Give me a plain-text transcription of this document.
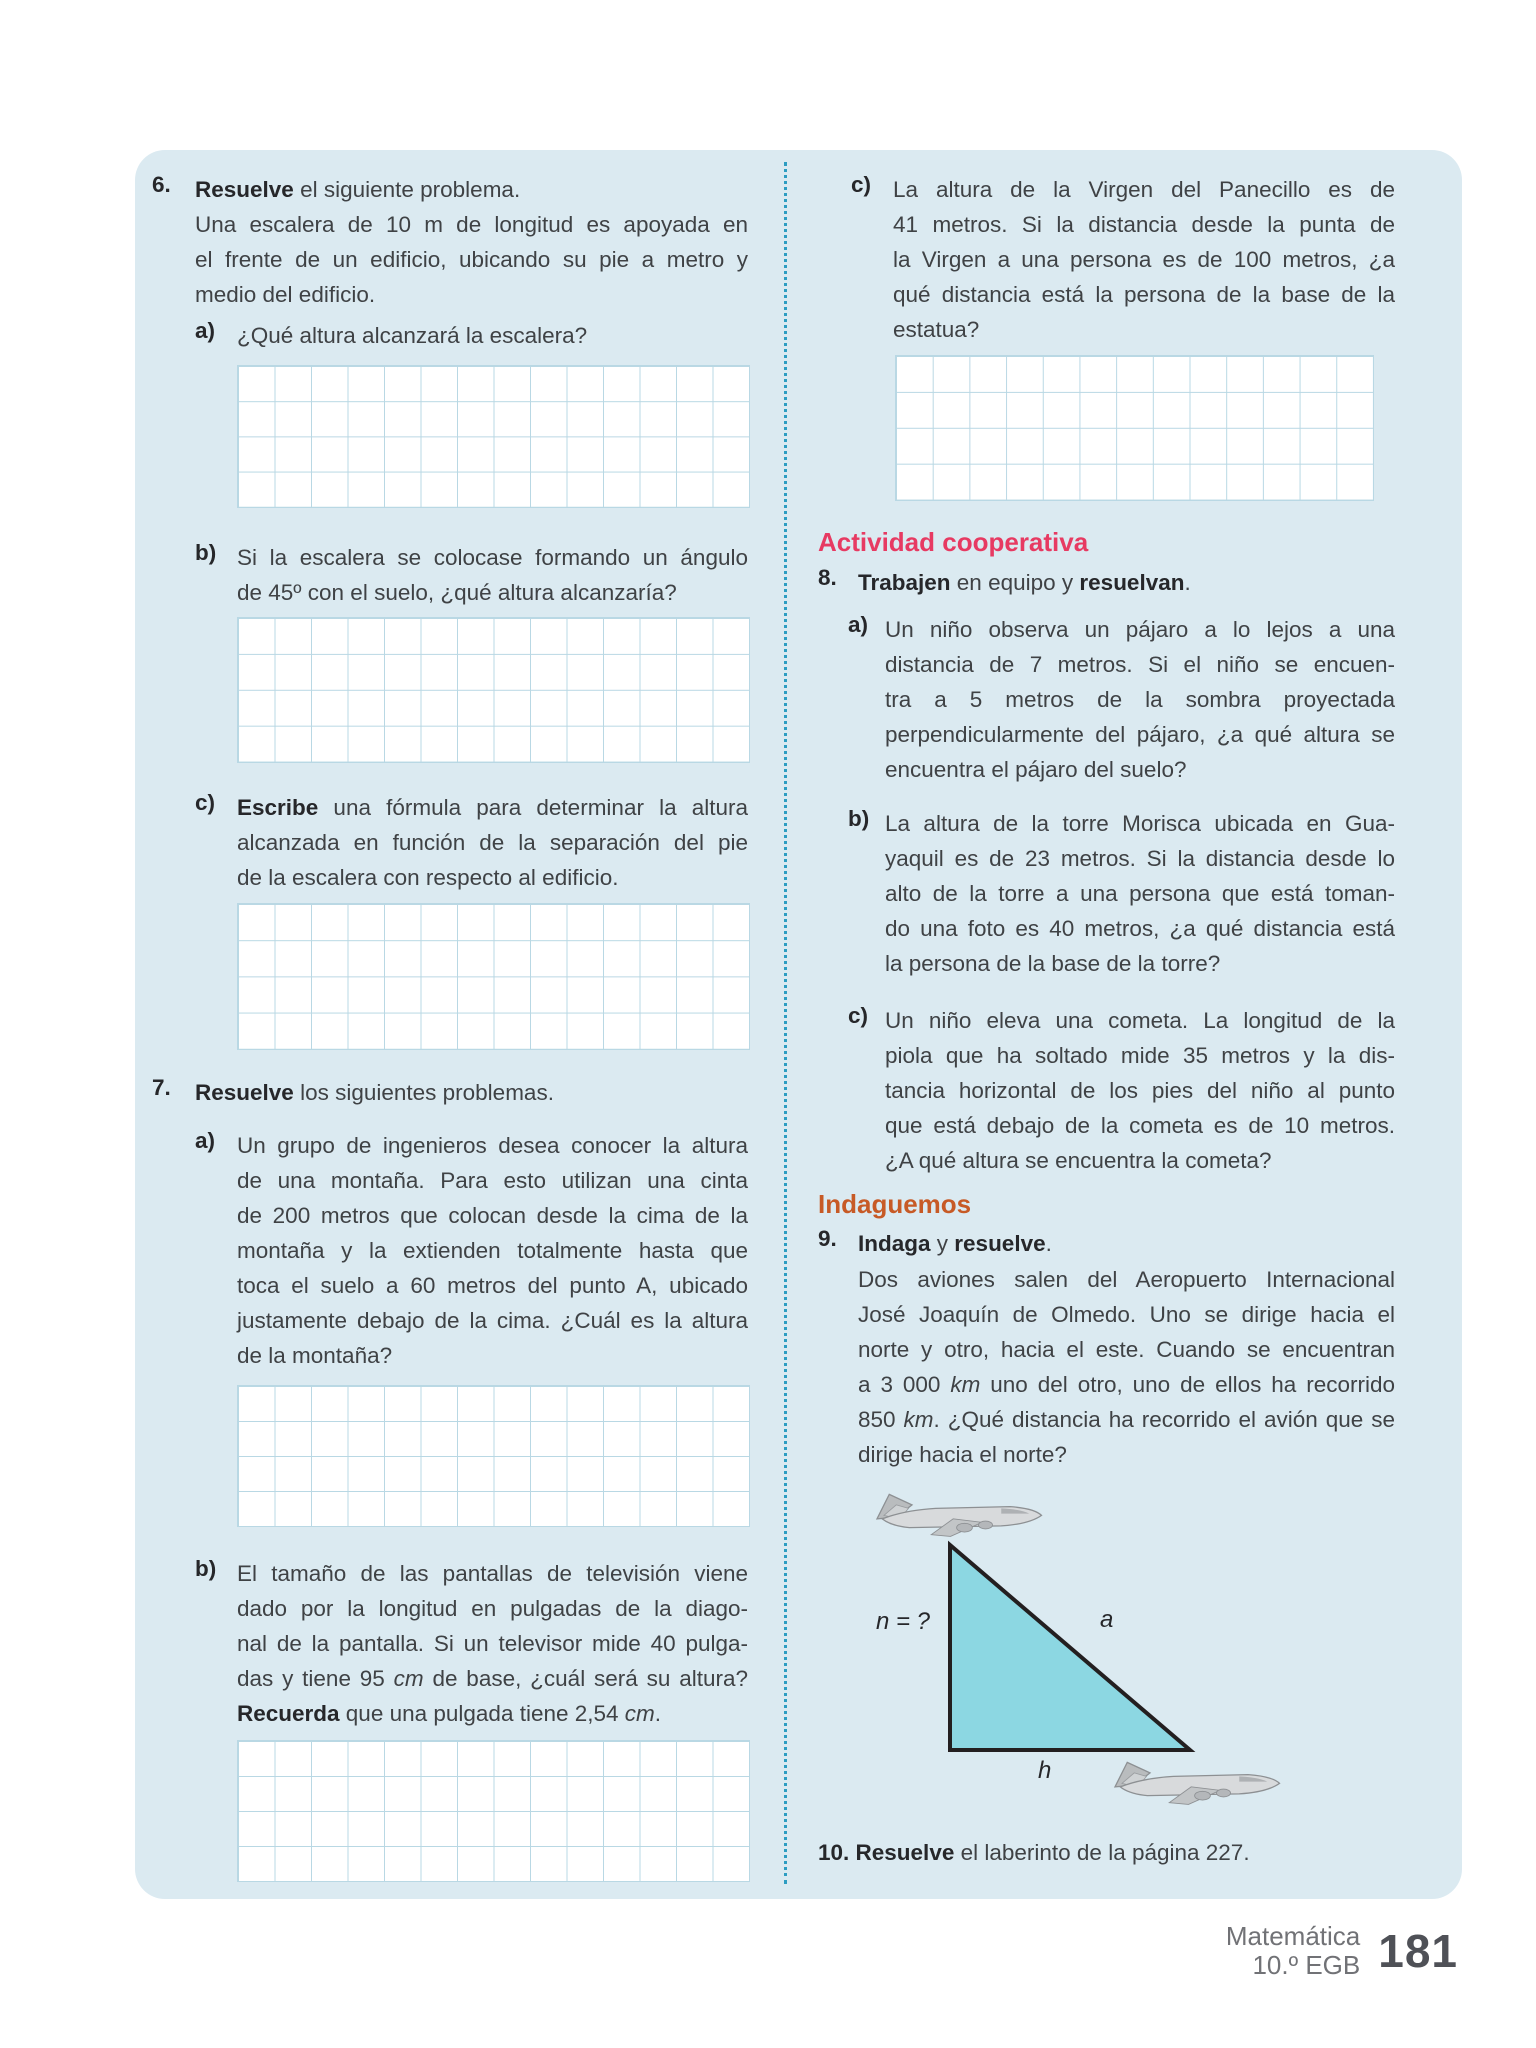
6. Resuelve el siguiente problema.
Una escalera de 10 m de longitud es apoyada en
el frente de un edificio, ubicando su pie a metro y
medio del edificio.
a) ¿Qué altura alcanzará la escalera?
b) Si la escalera se colocase formando un ángulo
de 45º con el suelo, ¿qué altura alcanzaría?
c) Escribe una fórmula para determinar la altura
alcanzada en función de la separación del pie
de la escalera con respecto al edificio.
7. Resuelve los siguientes problemas.
a) Un grupo de ingenieros desea conocer la altura
de una montaña. Para esto utilizan una cinta
de 200 metros que colocan desde la cima de la
montaña y la extienden totalmente hasta que
toca el suelo a 60 metros del punto A, ubicado
justamente debajo de la cima. ¿Cuál es la altura
de la montaña?
b) El tamaño de las pantallas de televisión viene
dado por la longitud en pulgadas de la diago-
nal de la pantalla. Si un televisor mide 40 pulga-
das y tiene 95 cm de base, ¿cuál será su altura?
Recuerda que una pulgada tiene 2,54 cm.
c) La altura de la Virgen del Panecillo es de
41 metros. Si la distancia desde la punta de
la Virgen a una persona es de 100 metros, ¿a
qué distancia está la persona de la base de la
estatua?
Actividad cooperativa
8. Trabajen en equipo y resuelvan.
a) Un niño observa un pájaro a lo lejos a una
distancia de 7 metros. Si el niño se encuen-
tra a 5 metros de la sombra proyectada
perpendicularmente del pájaro, ¿a qué altura se
encuentra el pájaro del suelo?
b) La altura de la torre Morisca ubicada en Gua-
yaquil es de 23 metros. Si la distancia desde lo
alto de la torre a una persona que está toman-
do una foto es 40 metros, ¿a qué distancia está
la persona de la base de la torre?
c) Un niño eleva una cometa. La longitud de la
piola que ha soltado mide 35 metros y la dis-
tancia horizontal de los pies del niño al punto
que está debajo de la cometa es de 10 metros.
¿A qué altura se encuentra la cometa?
Indaguemos
9. Indaga y resuelve.
Dos aviones salen del Aeropuerto Internacional
José Joaquín de Olmedo. Uno se dirige hacia el
norte y otro, hacia el este. Cuando se encuentran
a 3 000 km uno del otro, uno de ellos ha recorrido
850 km. ¿Qué distancia ha recorrido el avión que se
dirige hacia el norte?
n = ?	a
h
10. Resuelve el laberinto de la página 227.
Matemática
10.º EGB 181
